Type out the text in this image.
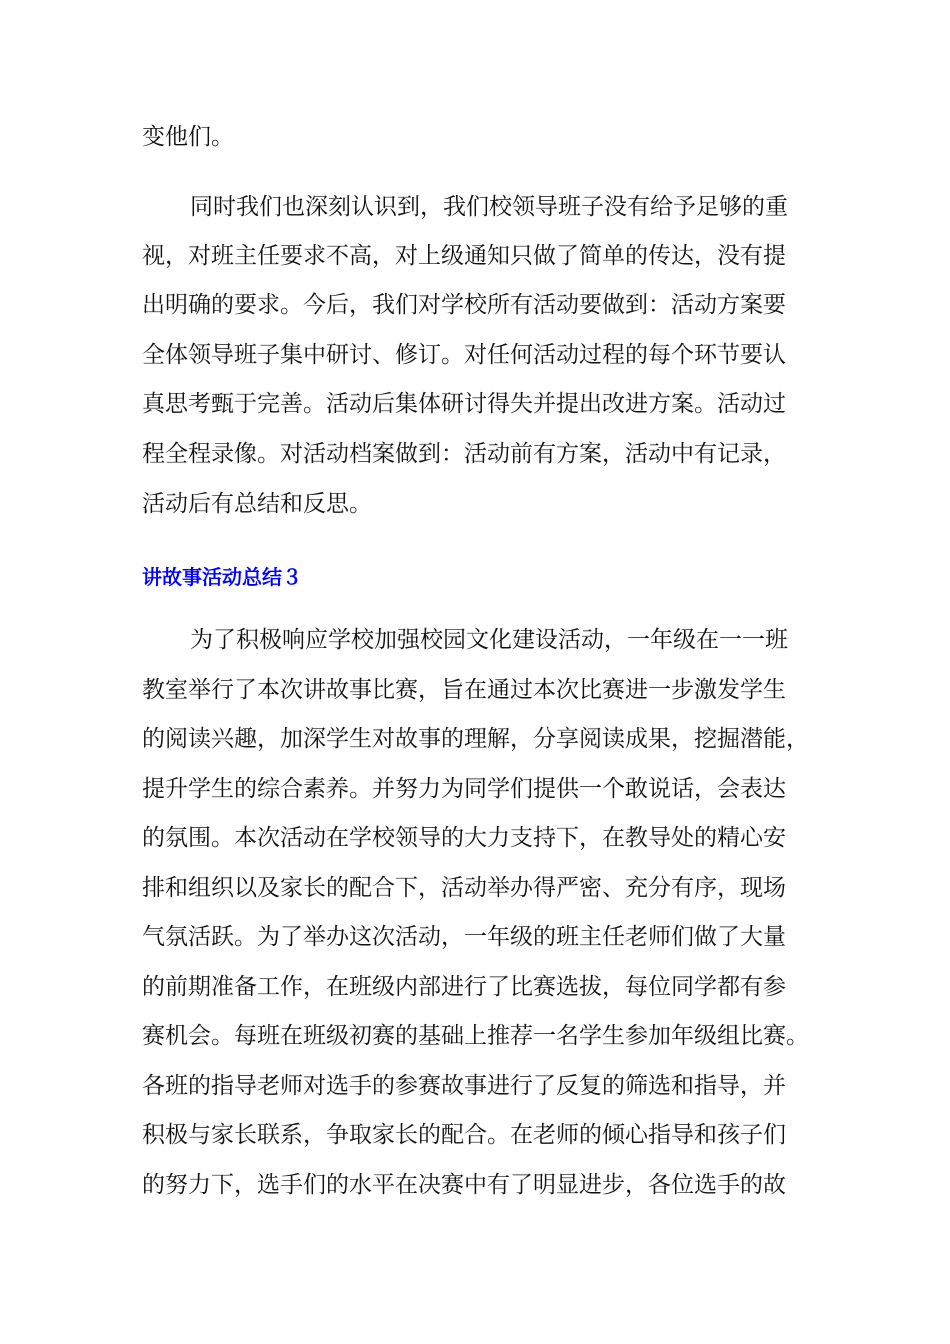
变他们。

同时我们也深刻认识到，我们校领导班子没有给予足够的重

视，对班主任要求不高，对上级通知只做了简单的传达，没有提

出明确的要求。今后，我们对学校所有活动要做到：活动方案要

全体领导班子集中研讨、修订。对任何活动过程的每个环节要认

真思考甄于完善。活动后集体研讨得失并提出改进方案。活动过

程全程录像。对活动档案做到：活动前有方案，活动中有记录，

活动后有总结和反思。

讲故事活动总结３

为了积极响应学校加强校园文化建设活动，一年级在一一班

教室举行了本次讲故事比赛，旨在通过本次比赛进一步激发学生

的阅读兴趣，加深学生对故事的理解，分享阅读成果，挖掘潜能，

提升学生的综合素养。并努力为同学们提供一个敢说话，会表达

的氛围。本次活动在学校领导的大力支持下，在教导处的精心安

排和组织以及家长的配合下，活动举办得严密、充分有序，现场

气氛活跃。为了举办这次活动，一年级的班主任老师们做了大量

的前期准备工作，在班级内部进行了比赛选拔，每位同学都有参

赛机会。每班在班级初赛的基础上推荐一名学生参加年级组比赛。

各班的指导老师对选手的参赛故事进行了反复的筛选和指导，并

积极与家长联系，争取家长的配合。在老师的倾心指导和孩子们

的努力下，选手们的水平在决赛中有了明显进步，各位选手的故
